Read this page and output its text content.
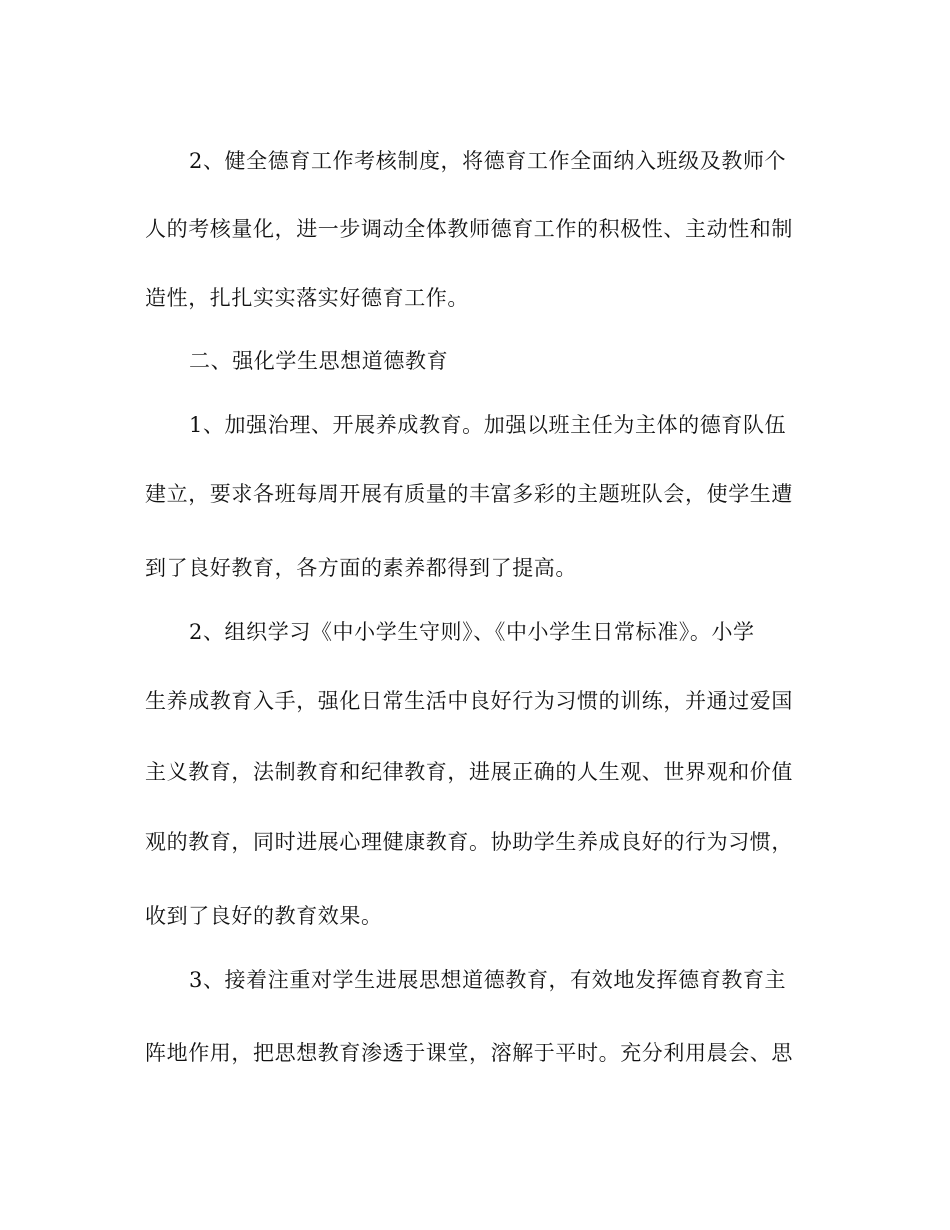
2、健全德育工作考核制度，将德育工作全面纳入班级及教师个
人的考核量化，进一步调动全体教师德育工作的积极性、主动性和制
造性，扎扎实实落实好德育工作。
二、强化学生思想道德教育
1、加强治理、开展养成教育。加强以班主任为主体的德育队伍
建立，要求各班每周开展有质量的丰富多彩的主题班队会，使学生遭
到了良好教育，各方面的素养都得到了提高。
2、组织学习《中小学生守则》、《中小学生日常标准》。小学
生养成教育入手，强化日常生活中良好行为习惯的训练，并通过爱国
主义教育，法制教育和纪律教育，进展正确的人生观、世界观和价值
观的教育，同时进展心理健康教育。协助学生养成良好的行为习惯，
收到了良好的教育效果。
3、接着注重对学生进展思想道德教育，有效地发挥德育教育主
阵地作用，把思想教育渗透于课堂，溶解于平时。充分利用晨会、思
